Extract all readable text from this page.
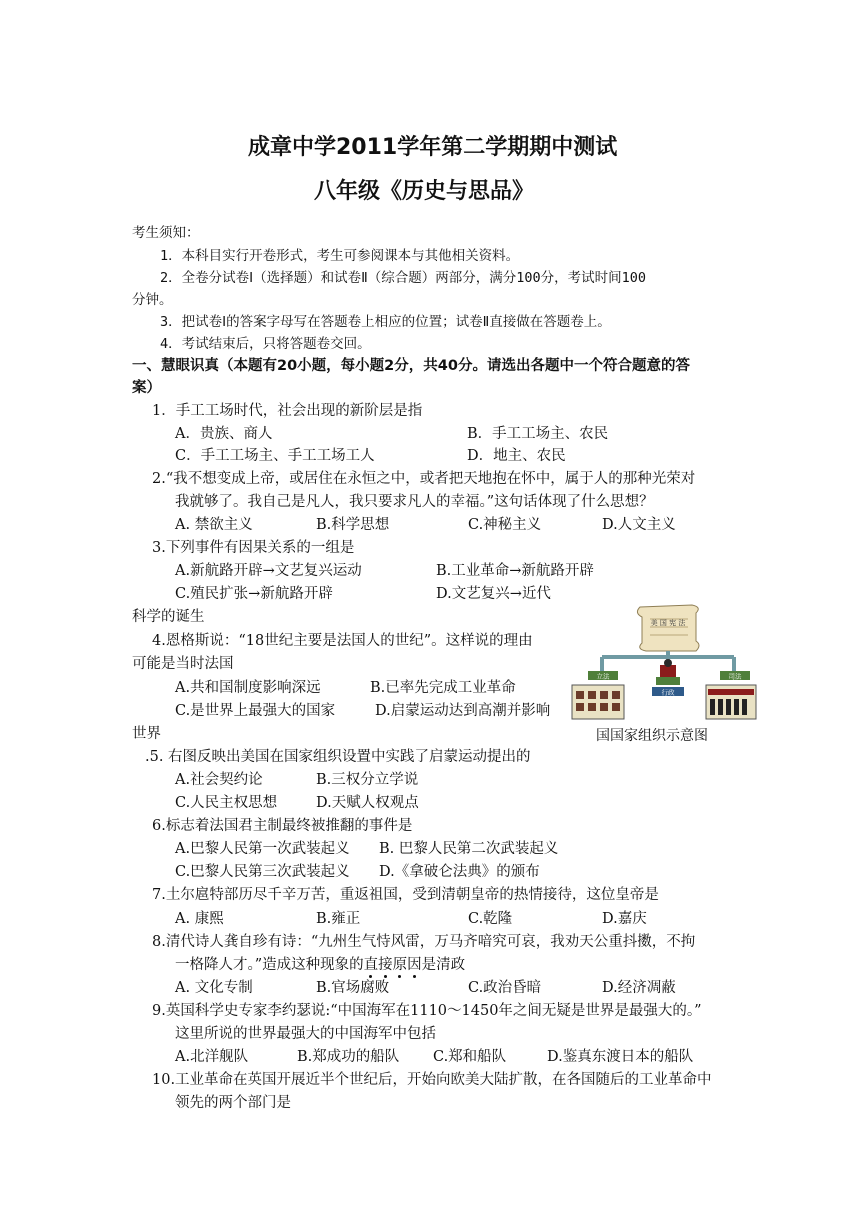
成章中学2011学年第二学期期中测试
八年级《历史与思品》
考生须知：
1．本科目实行开卷形式，考生可参阅课本与其他相关资料。
2．全卷分试卷Ⅰ（选择题）和试卷Ⅱ（综合题）两部分，满分100分，考试时间100
分钟。
3．把试卷Ⅰ的答案字母写在答题卷上相应的位置；试卷Ⅱ直接做在答题卷上。
4．考试结束后，只将答题卷交回。
一、慧眼识真（本题有20小题，每小题2分，共40分。请选出各题中一个符合题意的答
案）
1．手工工场时代，社会出现的新阶层是指
A．贵族、商人	B．手工工场主、农民
C．手工工场主、手工工场工人	D．地主、农民
2.“我不想变成上帝，或居住在永恒之中，或者把天地抱在怀中，属于人的那种光荣对
我就够了。我自己是凡人，我只要求凡人的幸福。”这句话体现了什么思想？
A. 禁欲主义	B.科学思想	C.神秘主义	D.人文主义
3.下列事件有因果关系的一组是
A.新航路开辟→文艺复兴运动	B.工业革命→新航路开辟
C.殖民扩张→新航路开辟	D.文艺复兴→近代
科学的诞生
4.恩格斯说：“18世纪主要是法国人的世纪”。这样说的理由
可能是当时法国
A.共和国制度影响深远	B.已率先完成工业革命
C.是世界上最强大的国家	D.启蒙运动达到高潮并影响
世界
美 国 宪 法
立法	司法
行政
国国家组织示意图
.5. 右图反映出美国在国家组织设置中实践了启蒙运动提出的
A.社会契约论	B.三权分立学说
C.人民主权思想	D.天赋人权观点
6.标志着法国君主制最终被推翻的事件是
A.巴黎人民第一次武装起义 B. 巴黎人民第二次武装起义
C.巴黎人民第三次武装起义 D.《拿破仑法典》的颁布
7.土尔扈特部历尽千辛万苦，重返祖国，受到清朝皇帝的热情接待，这位皇帝是
A. 康熙	B.雍正	C.乾隆	D.嘉庆
8.清代诗人龚自珍有诗：“九州生气恃风雷，万马齐喑究可哀，我劝天公重抖擞，不拘
一格降人才。”造成这种现象的直接原因是清政
A. 文化专制	B.官场腐败	C.政治昏暗	D.经济凋蔽
9.英国科学史专家李约瑟说:“中国海军在1110～1450年之间无疑是世界是最强大的。”
这里所说的世界最强大的中国海军中包括
A.北洋舰队	B.郑成功的船队 C.郑和船队	D.鉴真东渡日本的船队
10.工业革命在英国开展近半个世纪后，开始向欧美大陆扩散，在各国随后的工业革命中
领先的两个部门是
